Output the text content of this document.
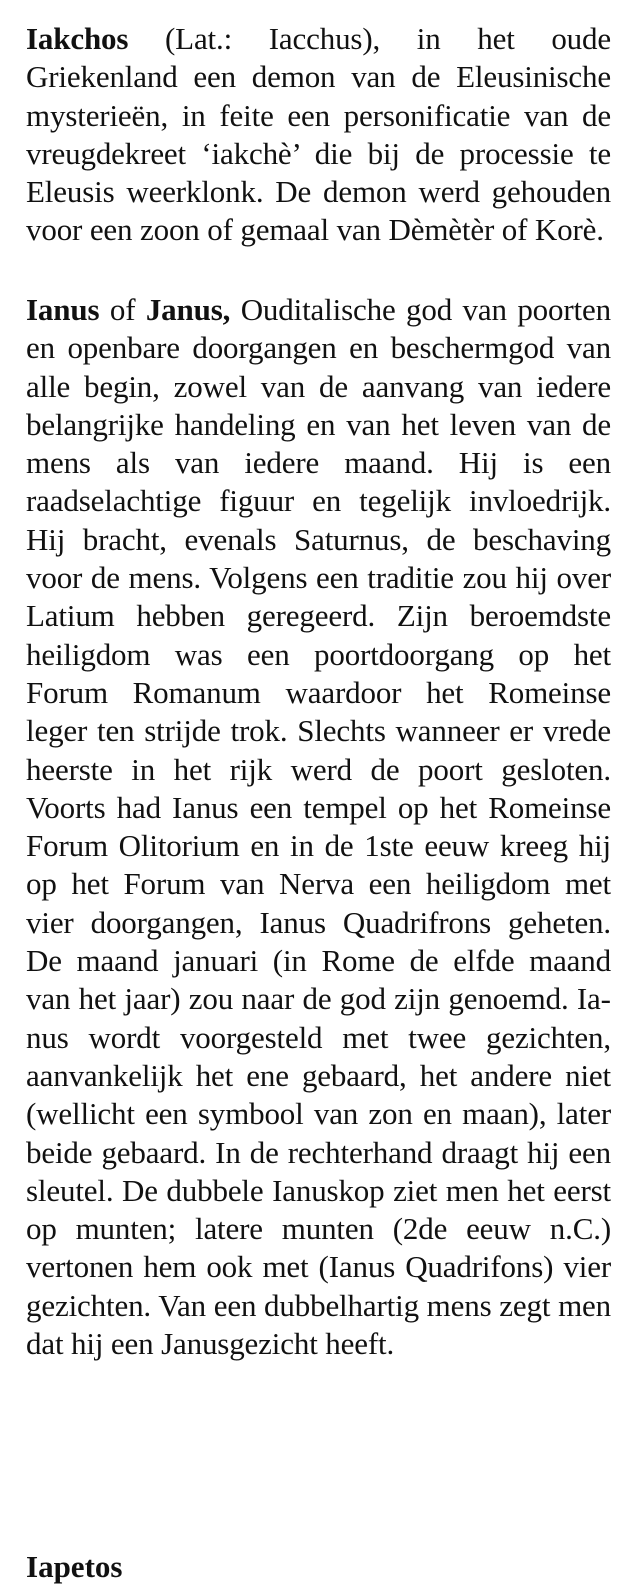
Iakchos (Lat.: Iacchus), in het oude Griekenland een demon van de Eleusinische mysterieën, in feite een personificatie van de vreugdekreet ‘iakchè’ die bij de processie te Eleusis weerklonk. De demon werd gehouden voor een zoon of gemaal van Dèmètèr of Korè.

Ianus of Janus, Ouditalische god van poorten en openbare doorgangen en beschermgod van alle begin, zowel van de aanvang van iedere belangrijke handeling en van het leven van de mens als van iedere maand. Hij is een raadselachtige figuur en tegelijk invloedrijk. Hij bracht, evenals Saturnus, de beschaving voor de mens. Volgens een traditie zou hij over Latium hebben geregeerd. Zijn beroemdste heiligdom was een poortdoorgang op het Forum Romanum waardoor het Romeinse leger ten strijde trok. Slechts wanneer er vrede heerste in het rijk werd de poort gesloten. Voorts had Ianus een tempel op het Romeinse Forum Olitorium en in de 1ste eeuw kreeg hij op het Forum van Nerva een heiligdom met vier doorgangen, Ianus Quadrifrons geheten. De maand januari (in Rome de elfde maand van het jaar) zou naar de god zijn genoemd. Ianus wordt voorgesteld met twee gezichten, aanvankelijk het ene gebaard, het andere niet (wellicht een symbool van zon en maan), later beide gebaard. In de rechterhand draagt hij een sleutel. De dubbele Ianuskop ziet men het eerst op munten; latere munten (2de eeuw n.C.) vertonen hem ook met (Ianus Quadrifons) vier gezichten. Van een dubbelhartig mens zegt men dat hij een Janusgezicht heeft.

Iapetos
